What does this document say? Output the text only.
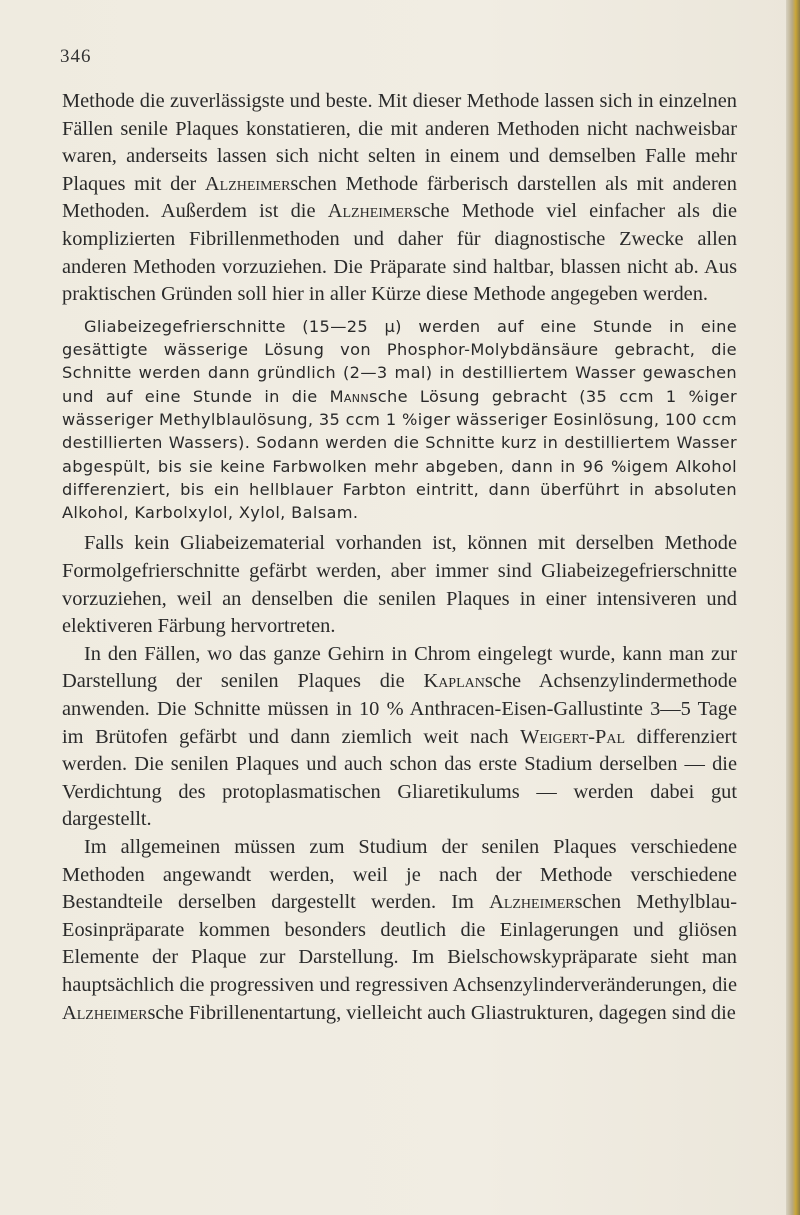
346

Methode die zuverlässigste und beste. Mit dieser Methode lassen sich in einzelnen Fällen senile Plaques konstatieren, die mit anderen Methoden nicht nachweisbar waren, anderseits lassen sich nicht selten in einem und demselben Falle mehr Plaques mit der Alzheimerschen Methode färberisch darstellen als mit anderen Methoden. Außerdem ist die Alzheimersche Methode viel einfacher als die komplizierten Fibrillenmethoden und daher für diagnostische Zwecke allen anderen Methoden vorzuziehen. Die Präparate sind haltbar, blassen nicht ab. Aus praktischen Gründen soll hier in aller Kürze diese Methode angegeben werden.

Gliabeizegefrierschnitte (15—25 μ) werden auf eine Stunde in eine gesättigte wässerige Lösung von Phosphor-Molybdänsäure gebracht, die Schnitte werden dann gründlich (2—3 mal) in destilliertem Wasser gewaschen und auf eine Stunde in die Mannsche Lösung gebracht (35 ccm 1 %iger wässeriger Methylblaulösung, 35 ccm 1 %iger wässeriger Eosinlösung, 100 ccm destillierten Wassers). Sodann werden die Schnitte kurz in destilliertem Wasser abgespült, bis sie keine Farbwolken mehr abgeben, dann in 96 %igem Alkohol differenziert, bis ein hellblauer Farbton eintritt, dann überführt in absoluten Alkohol, Karbolxylol, Xylol, Balsam.

Falls kein Gliabeizematerial vorhanden ist, können mit derselben Methode Formolgefrierschnitte gefärbt werden, aber immer sind Gliabeizegefrierschnitte vorzuziehen, weil an denselben die senilen Plaques in einer intensiveren und elektiveren Färbung hervortreten.

In den Fällen, wo das ganze Gehirn in Chrom eingelegt wurde, kann man zur Darstellung der senilen Plaques die Kaplansche Achsenzylindermethode anwenden. Die Schnitte müssen in 10 % Anthracen-Eisen-Gallustinte 3—5 Tage im Brütofen gefärbt und dann ziemlich weit nach Weigert-Pal differenziert werden. Die senilen Plaques und auch schon das erste Stadium derselben — die Verdichtung des protoplasmatischen Gliaretikulums — werden dabei gut dargestellt.

Im allgemeinen müssen zum Studium der senilen Plaques verschiedene Methoden angewandt werden, weil je nach der Methode verschiedene Bestandteile derselben dargestellt werden. Im Alzheimerschen Methylblau-Eosinpräparate kommen besonders deutlich die Einlagerungen und gliösen Elemente der Plaque zur Darstellung. Im Bielschowskypräparate sieht man hauptsächlich die progressiven und regressiven Achsenzylinderveränderungen, die Alzheimersche Fibrillenentartung, vielleicht auch Gliastrukturen, dagegen sind die
